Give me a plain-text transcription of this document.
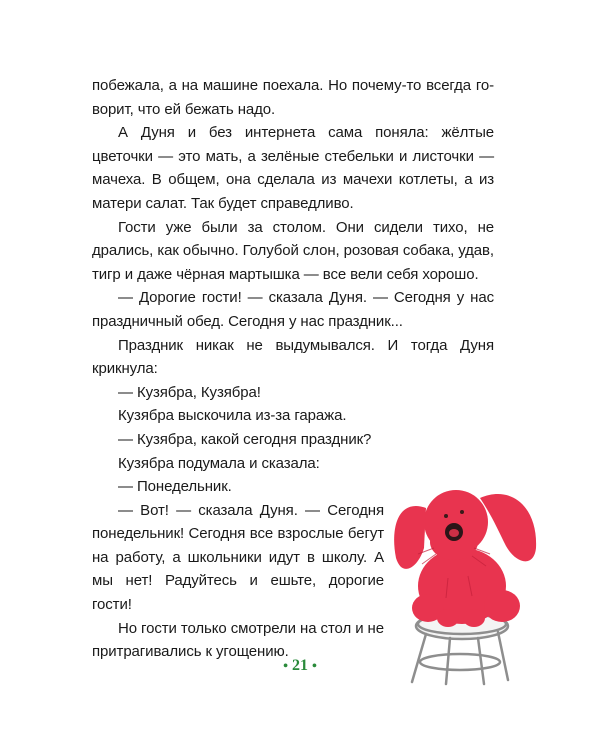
побежала, а на машине поехала. Но почему-то всегда го-

ворит, что ей бежать надо.

А Дуня и без интернета сама поняла: жёлтые цветочки — это мать, а зелёные стебельки и листочки — мачеха. В общем, она сделала из мачехи котлеты, а из матери салат. Так будет справедливо.

Гости уже были за столом. Они сидели тихо, не дрались, как обычно. Голубой слон, розовая собака, удав, тигр и даже чёрная мартышка — все вели себя хорошо.

— Дорогие гости! — сказала Дуня. — Сегодня у нас праздничный обед. Сегодня у нас праздник...

Праздник никак не выдумывался. И тогда Дуня крикнула:

— Кузябра, Кузябра!

Кузябра выскочила из-за гаража.

— Кузябра, какой сегодня праздник?

Кузябра подумала и сказала:

— Понедельник.

— Вот! — сказала Дуня. — Сегодня понедельник! Сегодня все взрослые бегут на работу, а школьники идут в школу. А мы нет! Радуйтесь и ешьте, дорогие гости!

Но гости только смотрели на стол и не притрагивались к угощению.

• 21 •
